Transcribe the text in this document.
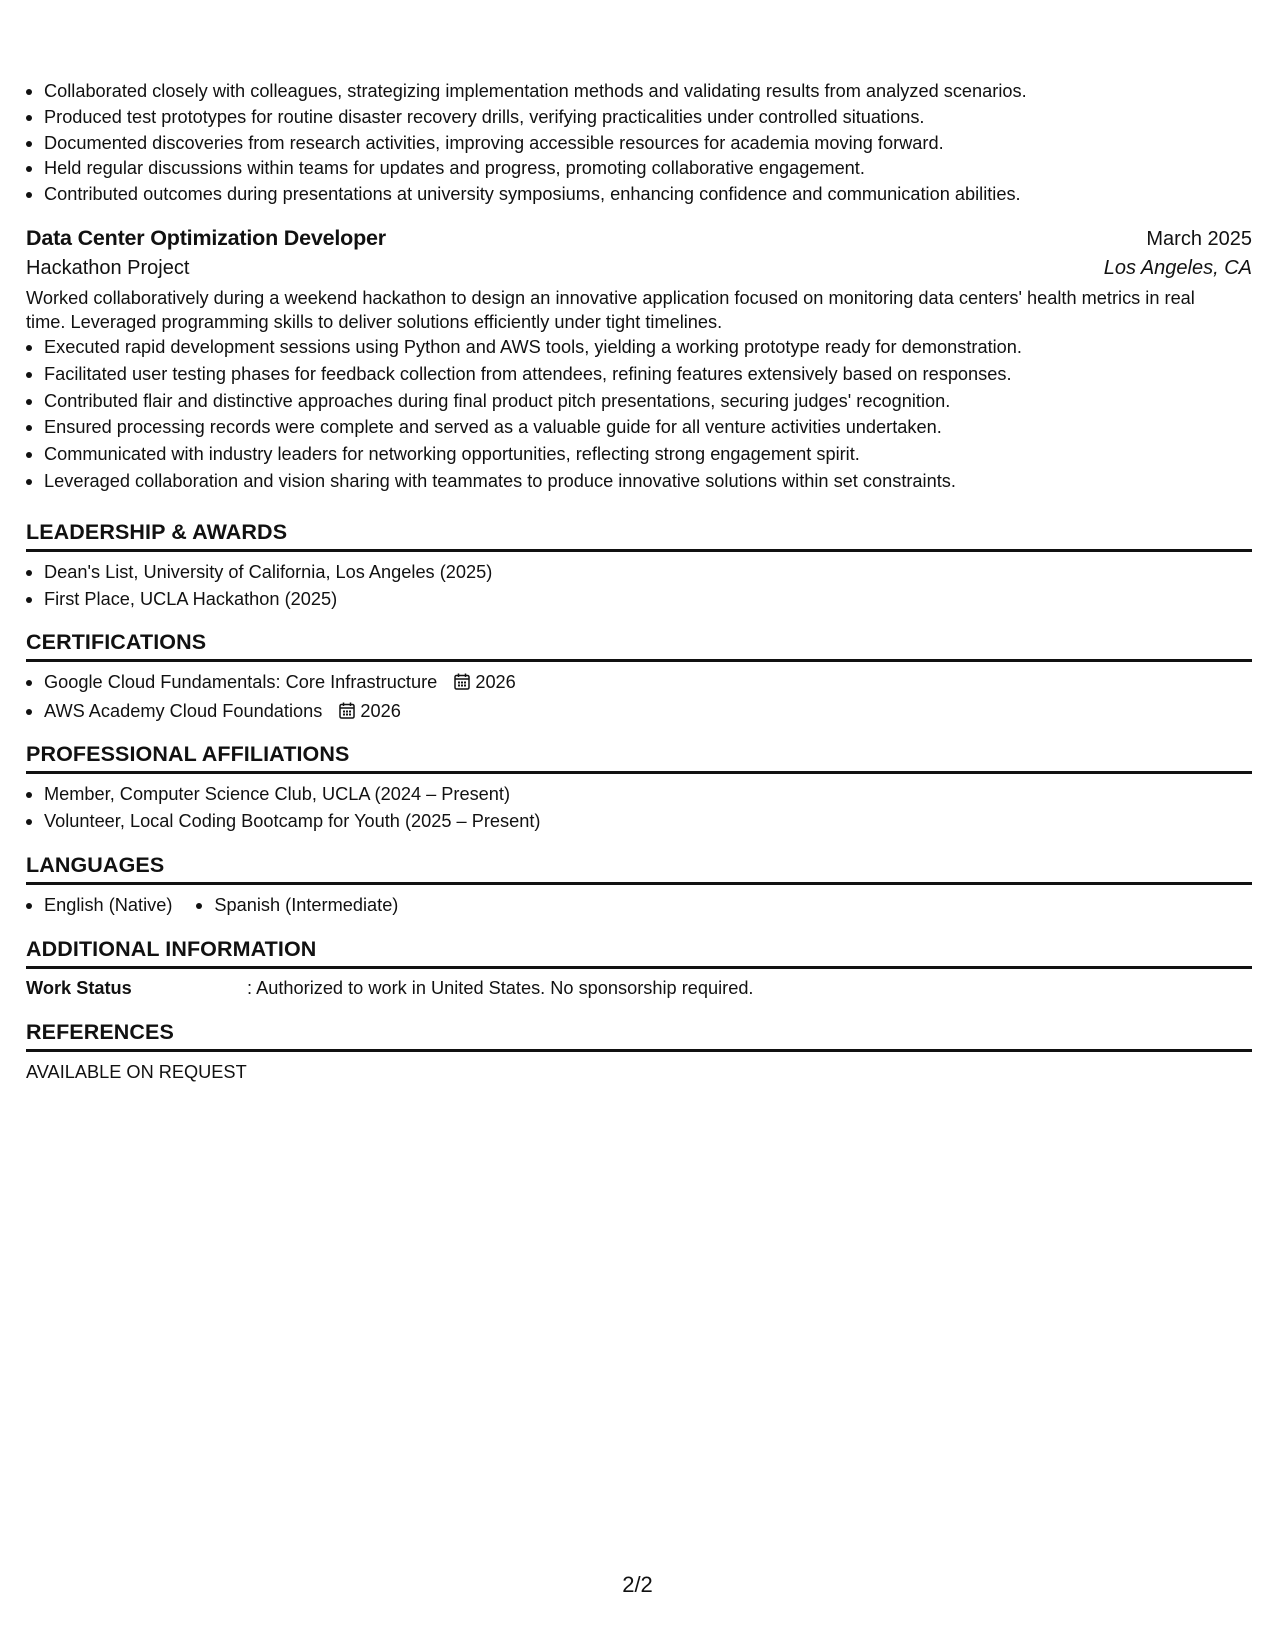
Collaborated closely with colleagues, strategizing implementation methods and validating results from analyzed scenarios.
Produced test prototypes for routine disaster recovery drills, verifying practicalities under controlled situations.
Documented discoveries from research activities, improving accessible resources for academia moving forward.
Held regular discussions within teams for updates and progress, promoting collaborative engagement.
Contributed outcomes during presentations at university symposiums, enhancing confidence and communication abilities.
Data Center Optimization Developer	March 2025
Hackathon Project	Los Angeles, CA

Worked collaboratively during a weekend hackathon to design an innovative application focused on monitoring data centers' health metrics in real

time. Leveraged programming skills to deliver solutions efficiently under tight timelines.

Executed rapid development sessions using Python and AWS tools, yielding a working prototype ready for demonstration.
Facilitated user testing phases for feedback collection from attendees, refining features extensively based on responses.
Contributed flair and distinctive approaches during final product pitch presentations, securing judges' recognition.
Ensured processing records were complete and served as a valuable guide for all venture activities undertaken.
Communicated with industry leaders for networking opportunities, reflecting strong engagement spirit.
Leveraged collaboration and vision sharing with teammates to produce innovative solutions within set constraints.
LEADERSHIP & AWARDS
Dean's List, University of California, Los Angeles (2025)
First Place, UCLA Hackathon (2025)
CERTIFICATIONS
Google Cloud Fundamentals: Core Infrastructure 2026
AWS Academy Cloud Foundations 2026
PROFESSIONAL AFFILIATIONS
Member, Computer Science Club, UCLA (2024 – Present)
Volunteer, Local Coding Bootcamp for Youth (2025 – Present)
LANGUAGES
English (Native)	Spanish (Intermediate)
ADDITIONAL INFORMATION
Work Status	: Authorized to work in United States. No sponsorship required.
REFERENCES
AVAILABLE ON REQUEST
2/2
